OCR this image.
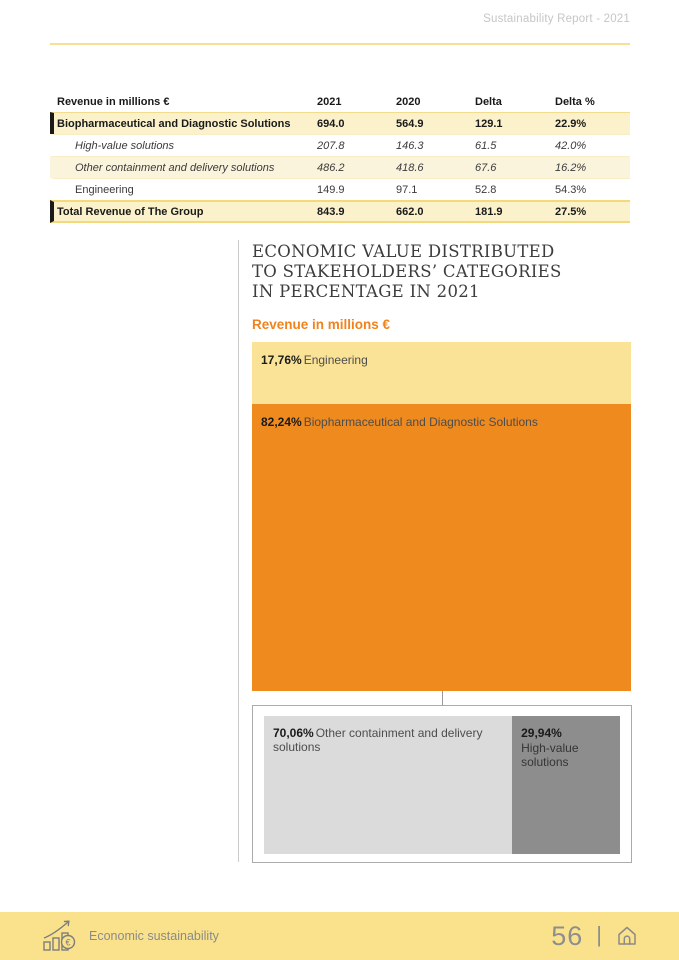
Sustainability Report - 2021
Revenue in millions €	2021	2020	Delta	Delta %
Biopharmaceutical and Diagnostic Solutions	694.0	564.9	129.1	22.9%
High-value solutions	207.8	146.3	61.5	42.0%
Other containment and delivery solutions	486.2	418.6	67.6	16.2%
Engineering	149.9	97.1	52.8	54.3%
Total Revenue of The Group	843.9	662.0	181.9	27.5%
ECONOMIC VALUE DISTRIBUTED TO STAKEHOLDERS’ CATEGORIES IN PERCENTAGE IN 2021
Revenue in millions €
17,76% Engineering
82,24% Biopharmaceutical and Diagnostic Solutions
70,06% Other containment and delivery solutions
29,94%
High-value solutions
€ Economic sustainability	56 |
